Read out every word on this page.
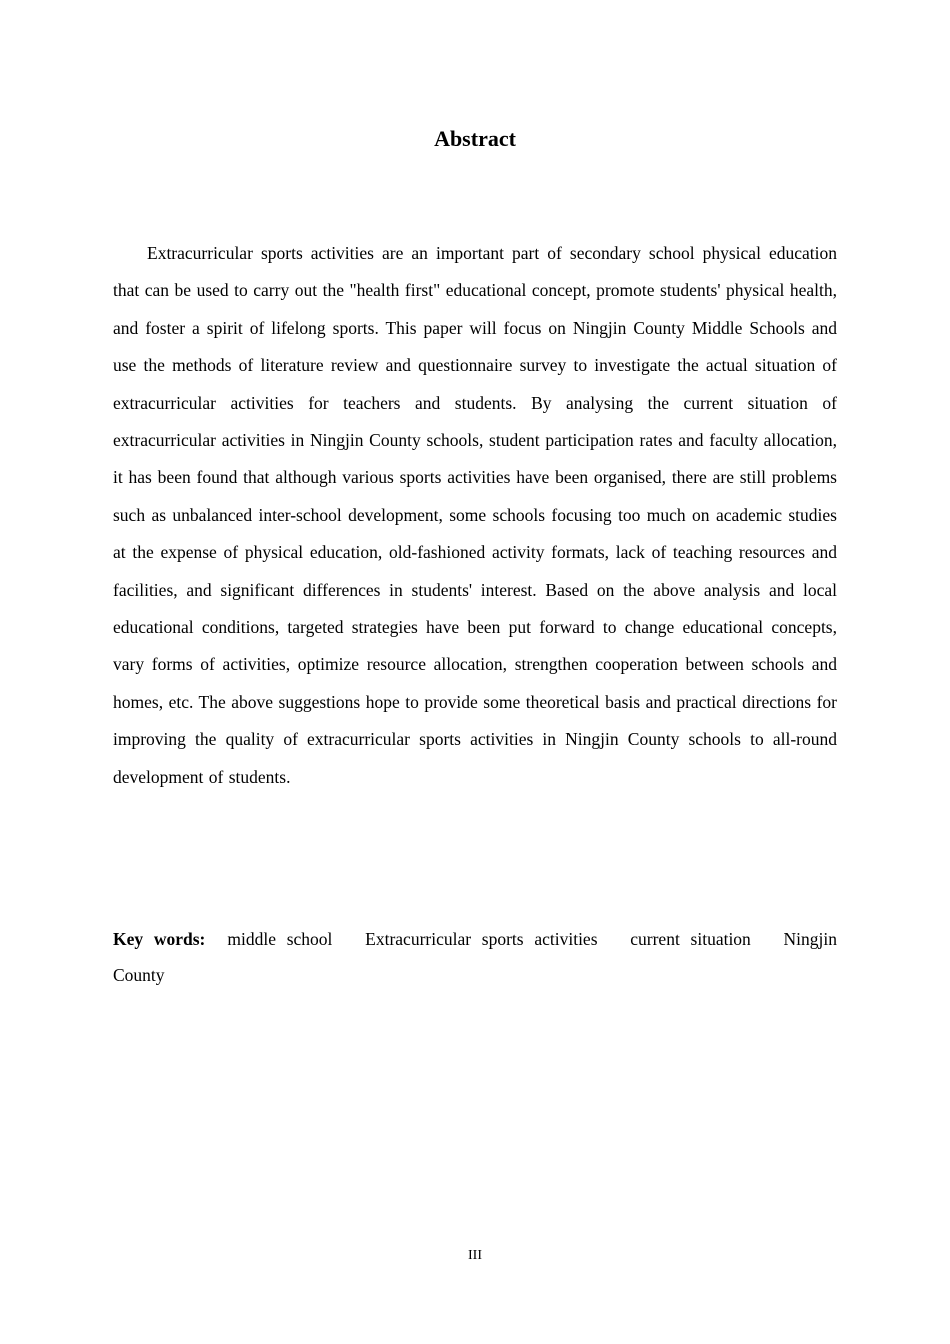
Abstract

Extracurricular sports activities are an important part of secondary school physical education that can be used to carry out the "health first" educational concept, promote students' physical health, and foster a spirit of lifelong sports. This paper will focus on Ningjin County Middle Schools and use the methods of literature review and questionnaire survey to investigate the actual situation of extracurricular activities for teachers and students. By analysing the current situation of extracurricular activities in Ningjin County schools, student participation rates and faculty allocation, it has been found that although various sports activities have been organised, there are still problems such as unbalanced inter-school development, some schools focusing too much on academic studies at the expense of physical education, old-fashioned activity formats, lack of teaching resources and facilities, and significant differences in students' interest. Based on the above analysis and local educational conditions, targeted strategies have been put forward to change educational concepts, vary forms of activities, optimize resource allocation, strengthen cooperation between schools and homes, etc. The above suggestions hope to provide some theoretical basis and practical directions for improving the quality of extracurricular sports activities in Ningjin County schools to all-round development of students.

Key words: middle school Extracurricular sports activities current situation Ningjin County

III
